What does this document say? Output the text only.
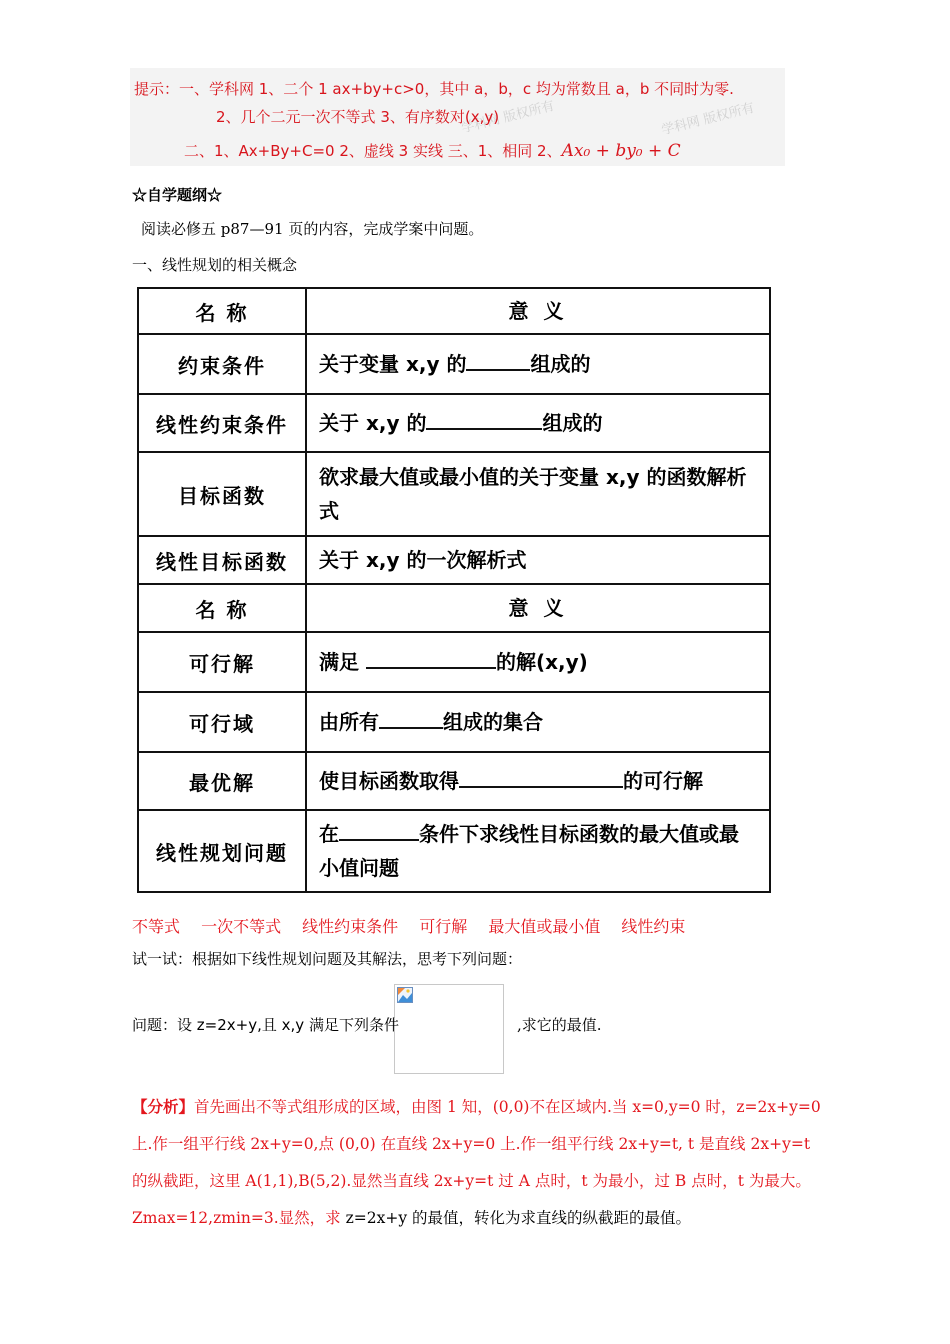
学科网 版权所有	学科网 版权所有
提示：一、学科网 1、二个 1 ax+by+c>0，其中 a，b，c 均为常数且 a，b 不同时为零.
2、几个二元一次不等式 3、有序数对(x,y)
二、1、Ax+By+C=0 2、虚线 3 实线 三、1、相同 2、Ax₀ + by₀ + C
☆自学题纲☆
阅读必修五 p87—91 页的内容，完成学案中问题。
一、线性规划的相关概念
名 称	意 义
约束条件	关于变量 x,y 的 组成的
线性约束条件	关于 x,y 的 组成的
目标函数	欲求最大值或最小值的关于变量 x,y 的函数解析式
线性目标函数	关于 x,y 的一次解析式
名 称	意 义
可行解	满足 的解(x,y)
可行域	由所有 组成的集合
最优解	使目标函数取得 的可行解
线性规划问题	在 条件下求线性目标函数的最大值或最小值问题
不等式 一次不等式 线性约束条件 可行解 最大值或最小值 线性约束
试一试：根据如下线性规划问题及其解法，思考下列问题：
问题：设 z=2x+y,且 x,y 满足下列条件	,求它的最值.
【分析】首先画出不等式组形成的区域，由图 1 知，(0,0)不在区域内.当 x=0,y=0 时，z=2x+y=0 上.作一组平行线 2x+y=0,点 (0,0) 在直线 2x+y=0 上.作一组平行线 2x+y=t, t 是直线 2x+y=t 的纵截距，这里 A(1,1),B(5,2).显然当直线 2x+y=t 过 A 点时，t 为最小，过 B 点时，t 为最大。Zmax=12,zmin=3.显然，求 z=2x+y 的最值，转化为求直线的纵截距的最值。
